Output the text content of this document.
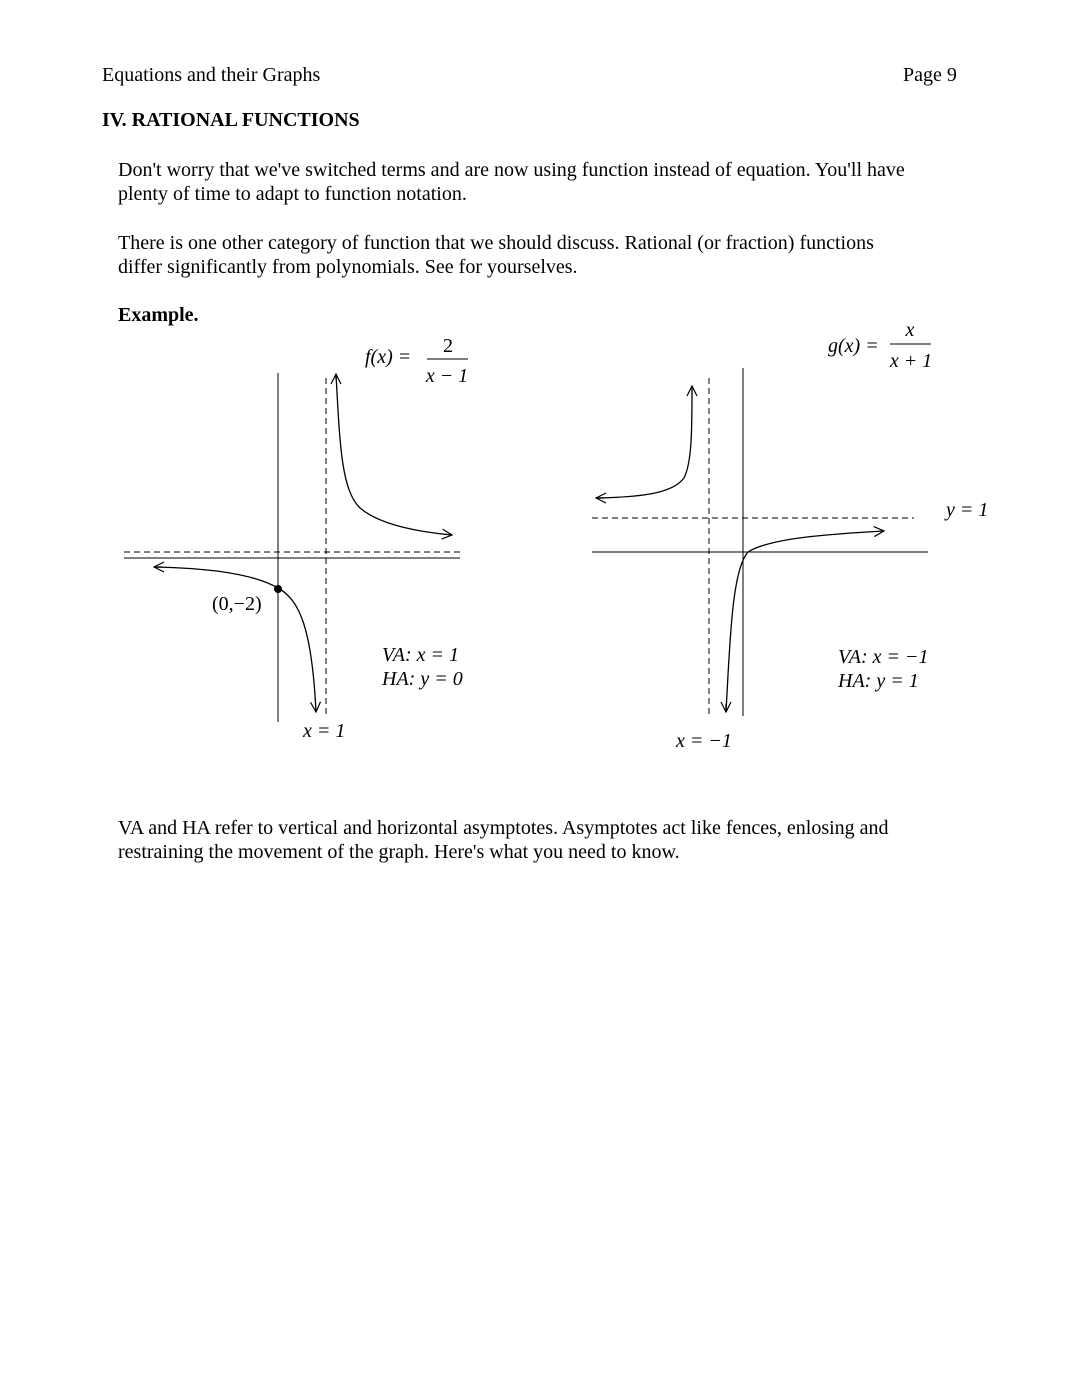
Equations and their Graphs	Page 9
IV. RATIONAL FUNCTIONS
Don't worry that we've switched terms and are now using function instead of equation. You'll have
plenty of time to adapt to function notation.
There is one other category of function that we should discuss. Rational (or fraction) functions
differ significantly from polynomials. See for yourselves.
Example.
(0,−2)
f(x) = 2
x − 1
VA: x = 1
HA: y = 0
x = 1
g(x) =
x
x + 1
y = 1
VA: x = −1
HA: y = 1
x = −1
VA and HA refer to vertical and horizontal asymptotes. Asymptotes act like fences, enlosing and
restraining the movement of the graph. Here's what you need to know.
